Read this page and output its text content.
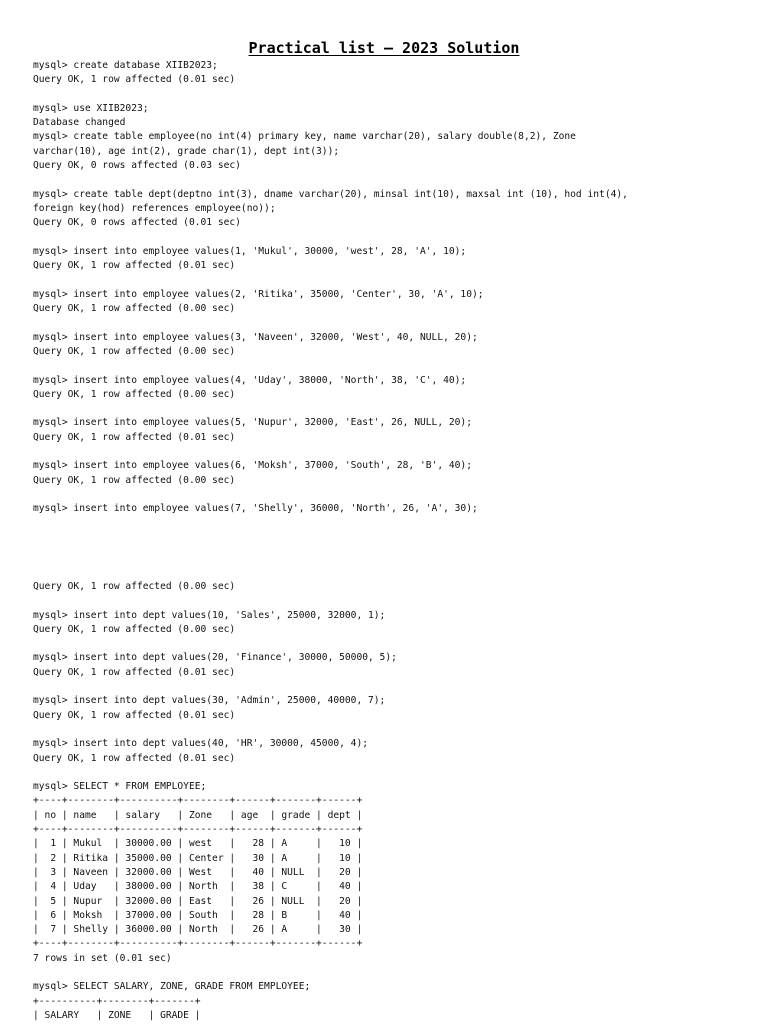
Practical list – 2023 Solution
mysql> create database XIIB2023;
Query OK, 1 row affected (0.01 sec)

mysql> use XIIB2023;
Database changed
mysql> create table employee(no int(4) primary key, name varchar(20), salary double(8,2), Zone
varchar(10), age int(2), grade char(1), dept int(3));
Query OK, 0 rows affected (0.03 sec)

mysql> create table dept(deptno int(3), dname varchar(20), minsal int(10), maxsal int (10), hod int(4),
foreign key(hod) references employee(no));
Query OK, 0 rows affected (0.01 sec)

mysql> insert into employee values(1, 'Mukul', 30000, 'west', 28, 'A', 10);
Query OK, 1 row affected (0.01 sec)

mysql> insert into employee values(2, 'Ritika', 35000, 'Center', 30, 'A', 10);
Query OK, 1 row affected (0.00 sec)

mysql> insert into employee values(3, 'Naveen', 32000, 'West', 40, NULL, 20);
Query OK, 1 row affected (0.00 sec)

mysql> insert into employee values(4, 'Uday', 38000, 'North', 38, 'C', 40);
Query OK, 1 row affected (0.00 sec)

mysql> insert into employee values(5, 'Nupur', 32000, 'East', 26, NULL, 20);
Query OK, 1 row affected (0.01 sec)

mysql> insert into employee values(6, 'Moksh', 37000, 'South', 28, 'B', 40);
Query OK, 1 row affected (0.00 sec)

mysql> insert into employee values(7, 'Shelly', 36000, 'North', 26, 'A', 30);
Query OK, 1 row affected (0.00 sec)

mysql> insert into dept values(10, 'Sales', 25000, 32000, 1);
Query OK, 1 row affected (0.00 sec)

mysql> insert into dept values(20, 'Finance', 30000, 50000, 5);
Query OK, 1 row affected (0.01 sec)

mysql> insert into dept values(30, 'Admin', 25000, 40000, 7);
Query OK, 1 row affected (0.01 sec)

mysql> insert into dept values(40, 'HR', 30000, 45000, 4);
Query OK, 1 row affected (0.01 sec)

mysql> SELECT * FROM EMPLOYEE;
+----+--------+----------+--------+------+-------+------+
| no | name   | salary   | Zone   | age  | grade | dept |
+----+--------+----------+--------+------+-------+------+
|  1 | Mukul  | 30000.00 | west   |   28 | A     |   10 |
|  2 | Ritika | 35000.00 | Center |   30 | A     |   10 |
|  3 | Naveen | 32000.00 | West   |   40 | NULL  |   20 |
|  4 | Uday   | 38000.00 | North  |   38 | C     |   40 |
|  5 | Nupur  | 32000.00 | East   |   26 | NULL  |   20 |
|  6 | Moksh  | 37000.00 | South  |   28 | B     |   40 |
|  7 | Shelly | 36000.00 | North  |   26 | A     |   30 |
+----+--------+----------+--------+------+-------+------+
7 rows in set (0.01 sec)

mysql> SELECT SALARY, ZONE, GRADE FROM EMPLOYEE;
+----------+--------+-------+
| SALARY   | ZONE   | GRADE |
